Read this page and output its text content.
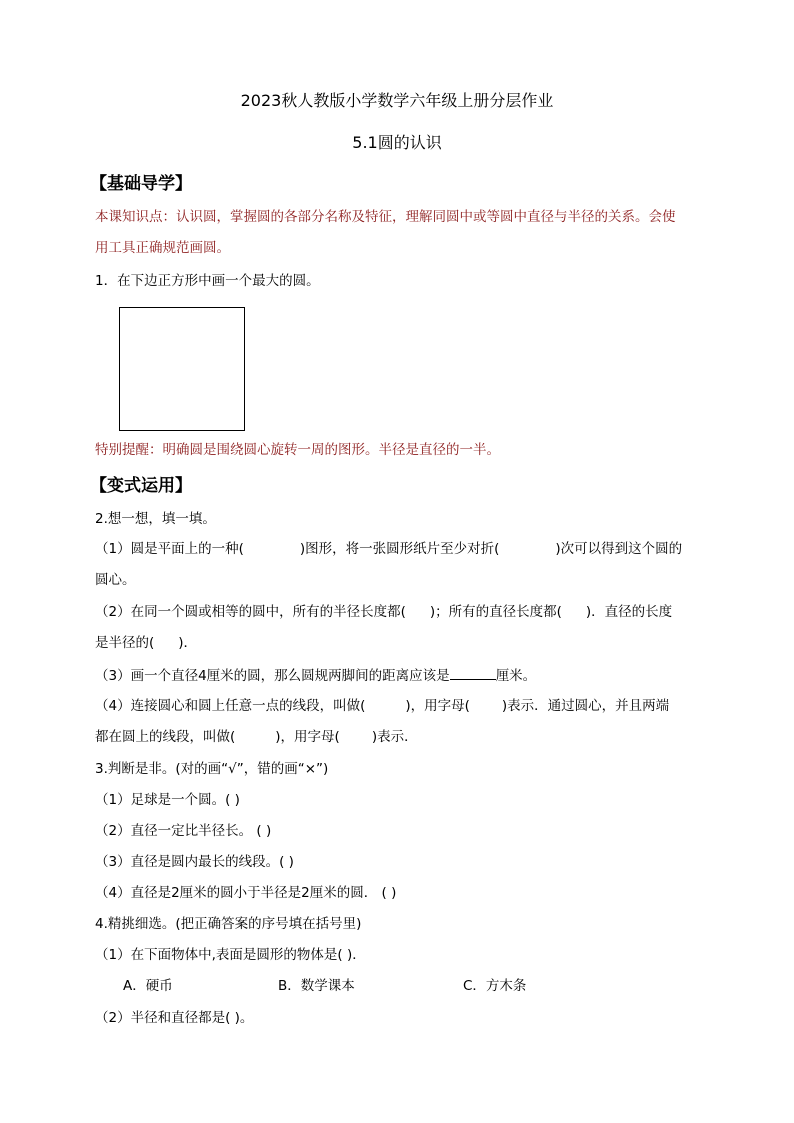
2023秋人教版小学数学六年级上册分层作业
5.1圆的认识
【基础导学】
本课知识点：认识圆，掌握圆的各部分名称及特征，理解同圆中或等圆中直径与半径的关系。会使
用工具正确规范画圆。
1．在下边正方形中画一个最大的圆。
特别提醒：明确圆是围绕圆心旋转一周的图形。半径是直径的一半。
【变式运用】
2.想一想，填一填。
（1）圆是平面上的一种(	)图形，将一张圆形纸片至少对折(	)次可以得到这个圆的
圆心。
（2）在同一个圆或相等的圆中，所有的半径长度都( )；所有的直径长度都( )．直径的长度
是半径的( )．
（3）画一个直径4厘米的圆，那么圆规两脚间的距离应该是	厘米。
（4）连接圆心和圆上任意一点的线段，叫做(	)，用字母( )表示．通过圆心，并且两端
都在圆上的线段，叫做(	)，用字母( )表示．
3.判断是非。(对的画“√”，错的画“×”)
（1）足球是一个圆。( )
（2）直径一定比半径长。 ( )
（3）直径是圆内最长的线段。( )
（4）直径是2厘米的圆小于半径是2厘米的圆． ( )
4.精挑细选。(把正确答案的序号填在括号里)
（1）在下面物体中,表面是圆形的物体是( )．
A．硬币	B．数学课本	C．方木条
（2）半径和直径都是( )。
